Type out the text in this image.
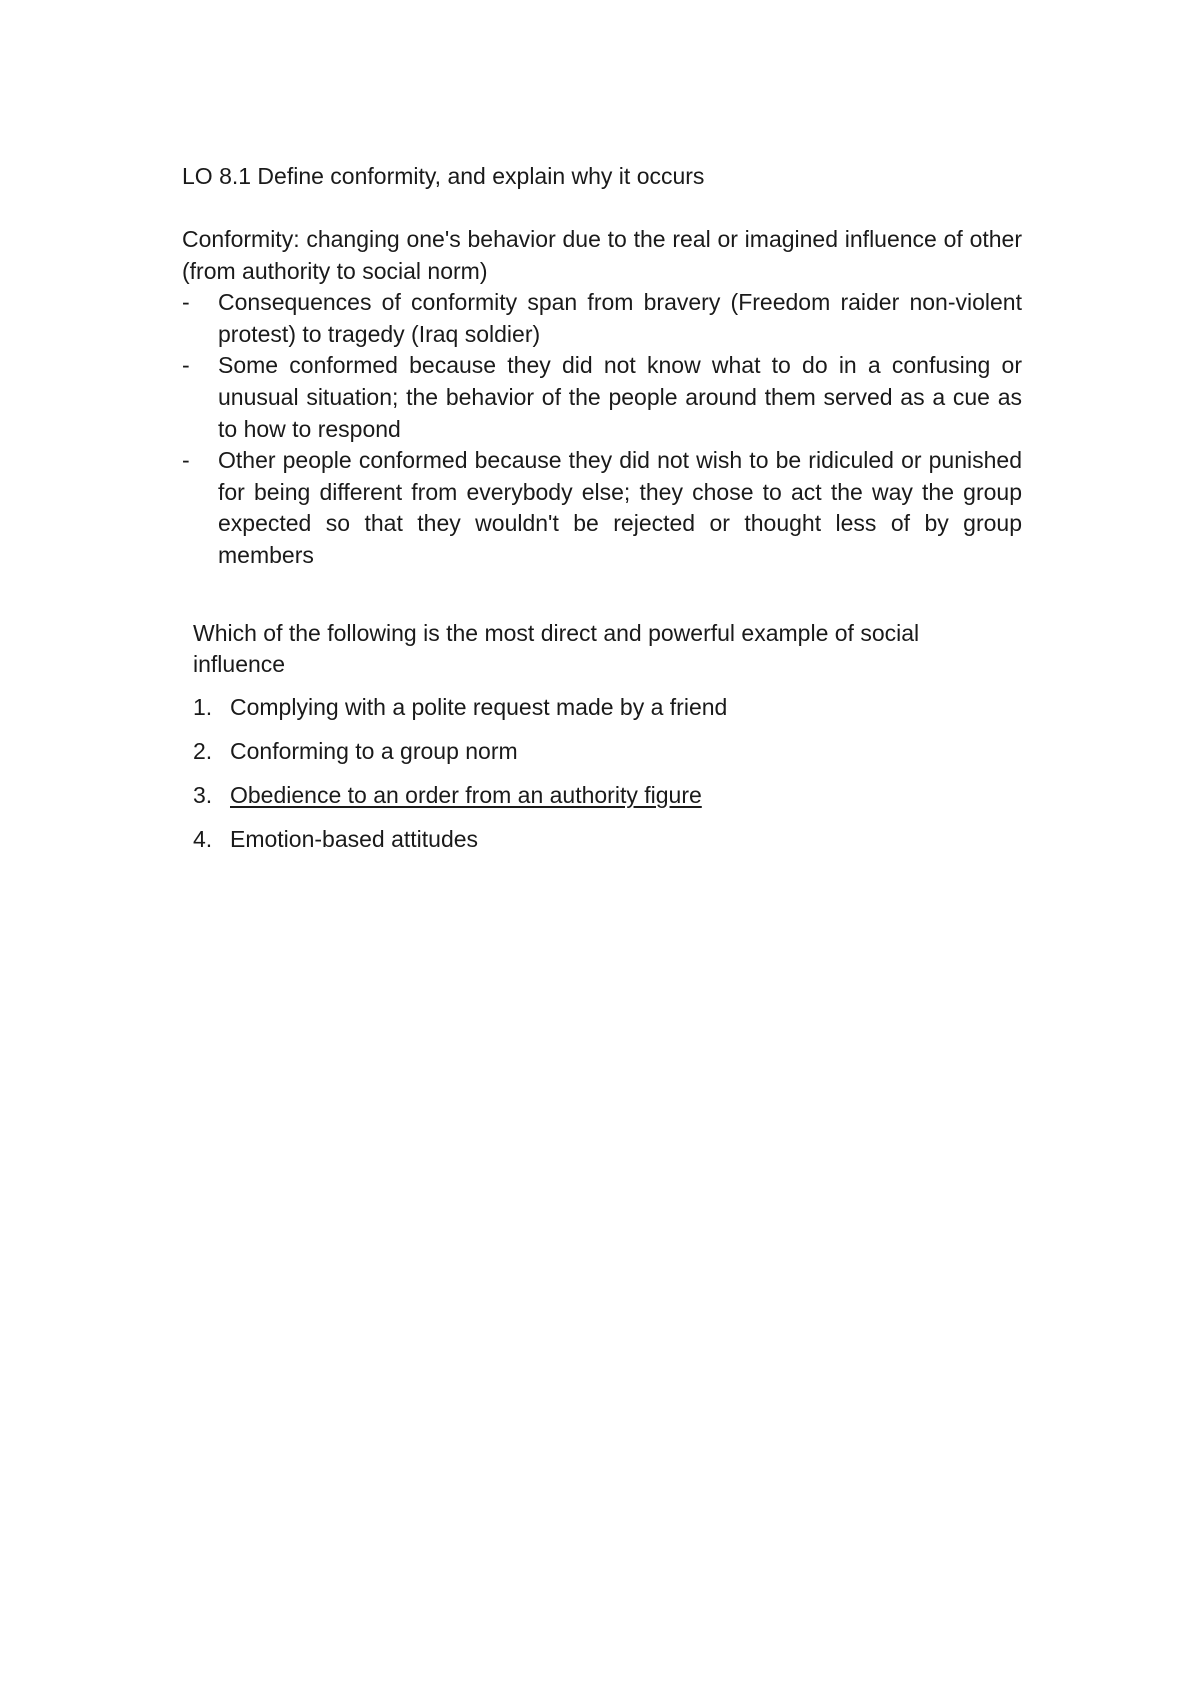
LO 8.1 Define conformity, and explain why it occurs

Conformity: changing one's behavior due to the real or imagined influence of other (from authority to social norm)

- Consequences of conformity span from bravery (Freedom raider non-violent protest) to tragedy (Iraq soldier)
- Some conformed because they did not know what to do in a confusing or unusual situation; the behavior of the people around them served as a cue as to how to respond
- Other people conformed because they did not wish to be ridiculed or punished for being different from everybody else; they chose to act the way the group expected so that they wouldn't be rejected or thought less of by group members

Which of the following is the most direct and powerful example of social influence

1. Complying with a polite request made by a friend
2. Conforming to a group norm
3. Obedience to an order from an authority figure
4. Emotion-based attitudes
